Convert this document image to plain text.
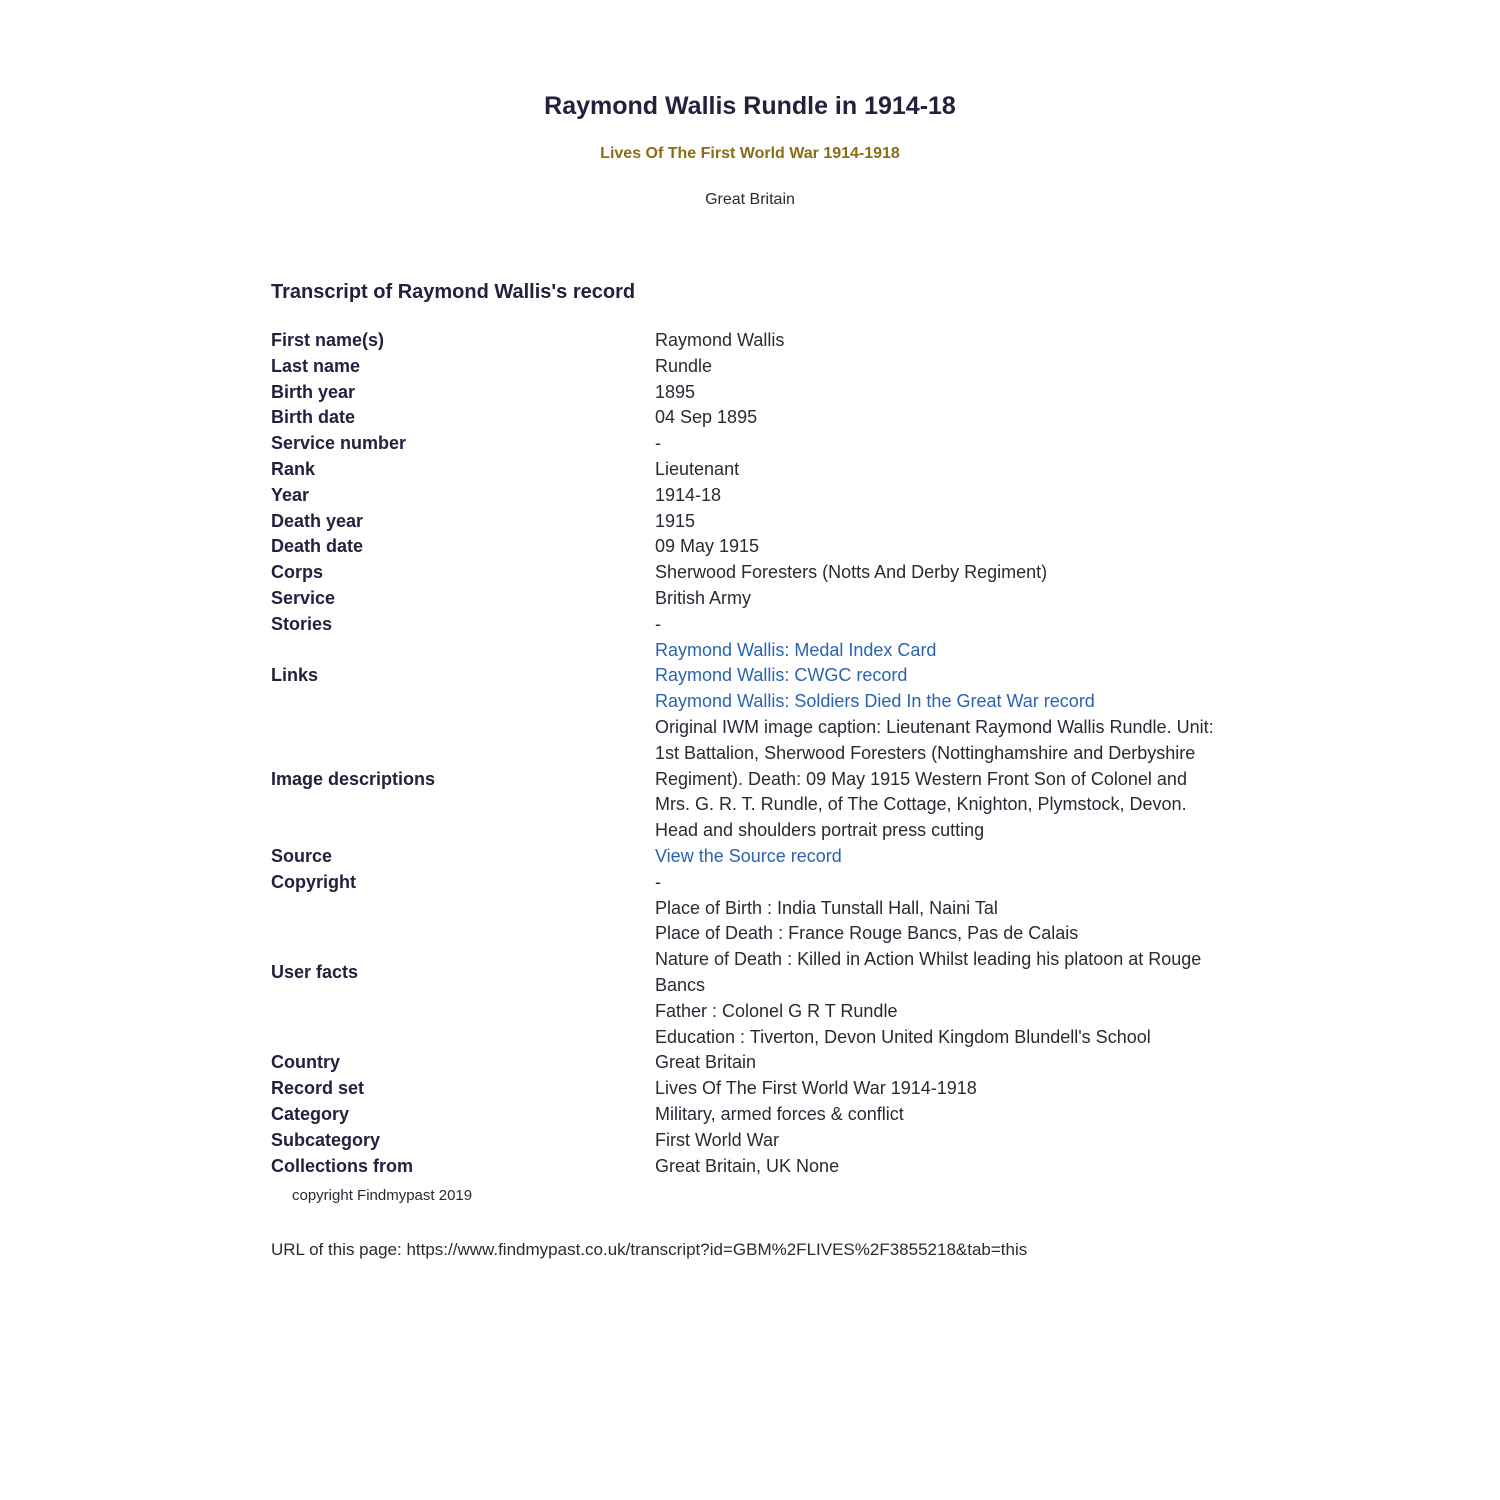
Raymond Wallis Rundle in 1914-18
Lives Of The First World War 1914-1918
Great Britain
Transcript of Raymond Wallis's record
First name(s)	Raymond Wallis
Last name	Rundle
Birth year	1895
Birth date	04 Sep 1895
Service number	-
Rank	Lieutenant
Year	1914-18
Death year	1915
Death date	09 May 1915
Corps	Sherwood Foresters (Notts And Derby Regiment)
Service	British Army
Stories	-
Links	Raymond Wallis: Medal Index Card
Raymond Wallis: CWGC record
Raymond Wallis: Soldiers Died In the Great War record

Image descriptions	Original IWM image caption: Lieutenant Raymond Wallis Rundle. Unit: 1st Battalion, Sherwood Foresters (Nottinghamshire and Derbyshire Regiment). Death: 09 May 1915 Western Front Son of Colonel and Mrs. G. R. T. Rundle, of The Cottage, Knighton, Plymstock, Devon. Head and shoulders portrait press cutting

Source	View the Source record

Copyright	-
User facts	Place of Birth : India Tunstall Hall, Naini Tal
Place of Death : France Rouge Bancs, Pas de Calais
Nature of Death : Killed in Action Whilst leading his platoon at Rouge Bancs
Father : Colonel G R T Rundle
Education : Tiverton, Devon United Kingdom Blundell's School

Country	Great Britain
Record set	Lives Of The First World War 1914-1918
Category	Military, armed forces & conflict
Subcategory	First World War
Collections from	Great Britain, UK None
copyright Findmypast 2019
URL of this page: https://www.findmypast.co.uk/transcript?id=GBM%2FLIVES%2F3855218&tab=this
